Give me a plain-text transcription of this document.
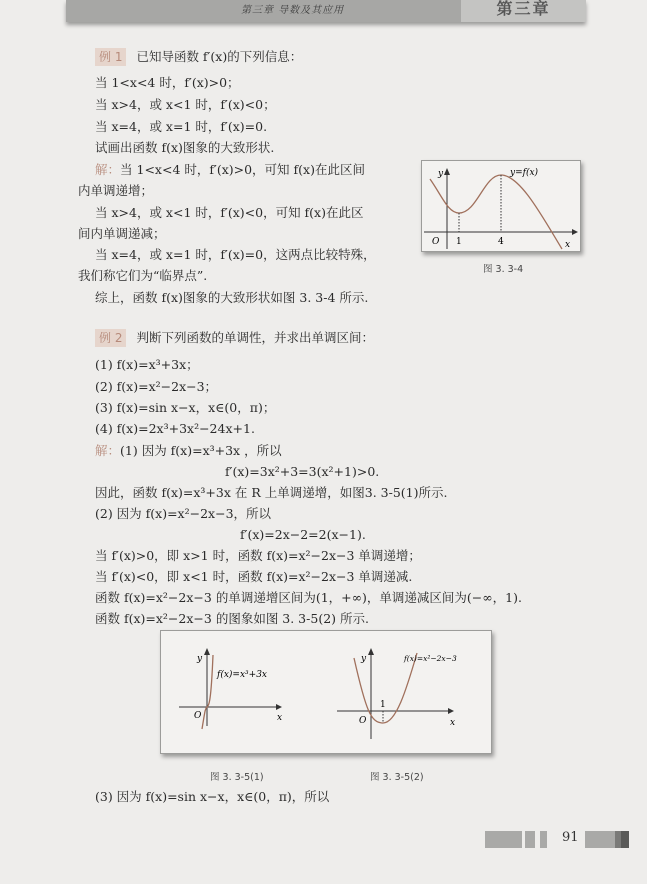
第三章 导数及其应用	第三章
例 1 已知导函数 f′(x)的下列信息：
当 1<x<4 时，f′(x)>0；
当 x>4，或 x<1 时，f′(x)<0；
当 x=4，或 x=1 时，f′(x)=0.
试画出函数 f(x)图象的大致形状.
解：当 1<x<4 时，f′(x)>0，可知 f(x)在此区间
内单调递增；
当 x>4，或 x<1 时，f′(x)<0，可知 f(x)在此区
间内单调递减；
当 x=4，或 x=1 时，f′(x)=0，这两点比较特殊，
我们称它们为“临界点”.
综上，函数 f(x)图象的大致形状如图 3. 3-4 所示.
O 1	4	x
y	y=f(x)
图 3. 3-4
例 2 判断下列函数的单调性，并求出单调区间：
(1) f(x)=x³+3x；
(2) f(x)=x²−2x−3；
(3) f(x)=sin x−x，x∈(0，π)；
(4) f(x)=2x³+3x²−24x+1.
解：(1) 因为 f(x)=x³+3x ，所以
f′(x)=3x²+3=3(x²+1)>0.
因此，函数 f(x)=x³+3x 在 R 上单调递增，如图3. 3-5(1)所示.
(2) 因为 f(x)=x²−2x−3，所以
f′(x)=2x−2=2(x−1).
当 f′(x)>0，即 x>1 时，函数 f(x)=x²−2x−3 单调递增；
当 f′(x)<0，即 x<1 时，函数 f(x)=x²−2x−3 单调递减.
函数 f(x)=x²−2x−3 的单调递增区间为(1，+∞)，单调递减区间为(−∞，1).
函数 f(x)=x²−2x−3 的图象如图 3. 3-5(2) 所示.
O	x
y
f(x)=x³+3x
1
O	x
y	f(x)=x²−2x−3
图 3. 3-5(1)	图 3. 3-5(2)
(3) 因为 f(x)=sin x−x，x∈(0，π)，所以
91
